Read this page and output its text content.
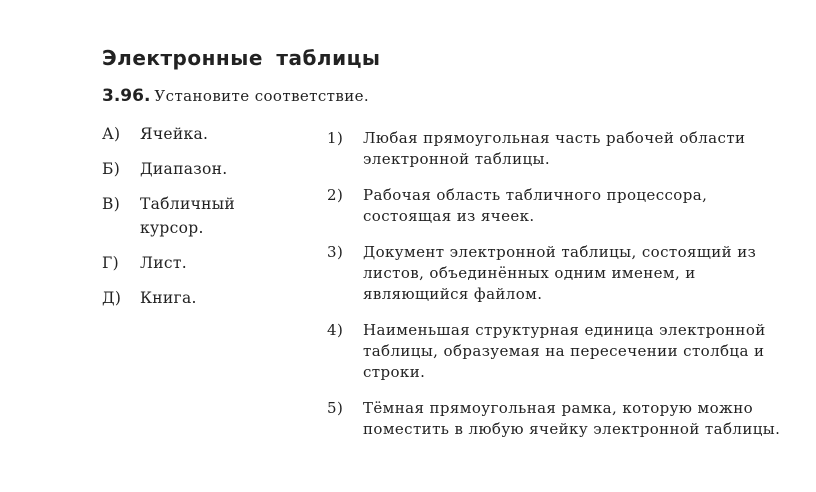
Электронные таблицы
3.96. Установите соответствие.
А)	Ячейка.
Б)	Диапазон.
В)	Табличный курсор.
Г)	Лист.
Д)	Книга.
1)	Любая прямоугольная часть рабочей области электронной таблицы.
2)	Рабочая область табличного процессора, состоящая из ячеек.
3)	Документ электронной таблицы, состоящий из листов, объединённых одним именем, и являющийся файлом.
4)	Наименьшая структурная единица электронной таблицы, образуемая на пересечении столбца и строки.
5)	Тёмная прямоугольная рамка, которую можно поместить в любую ячейку электронной таблицы.
